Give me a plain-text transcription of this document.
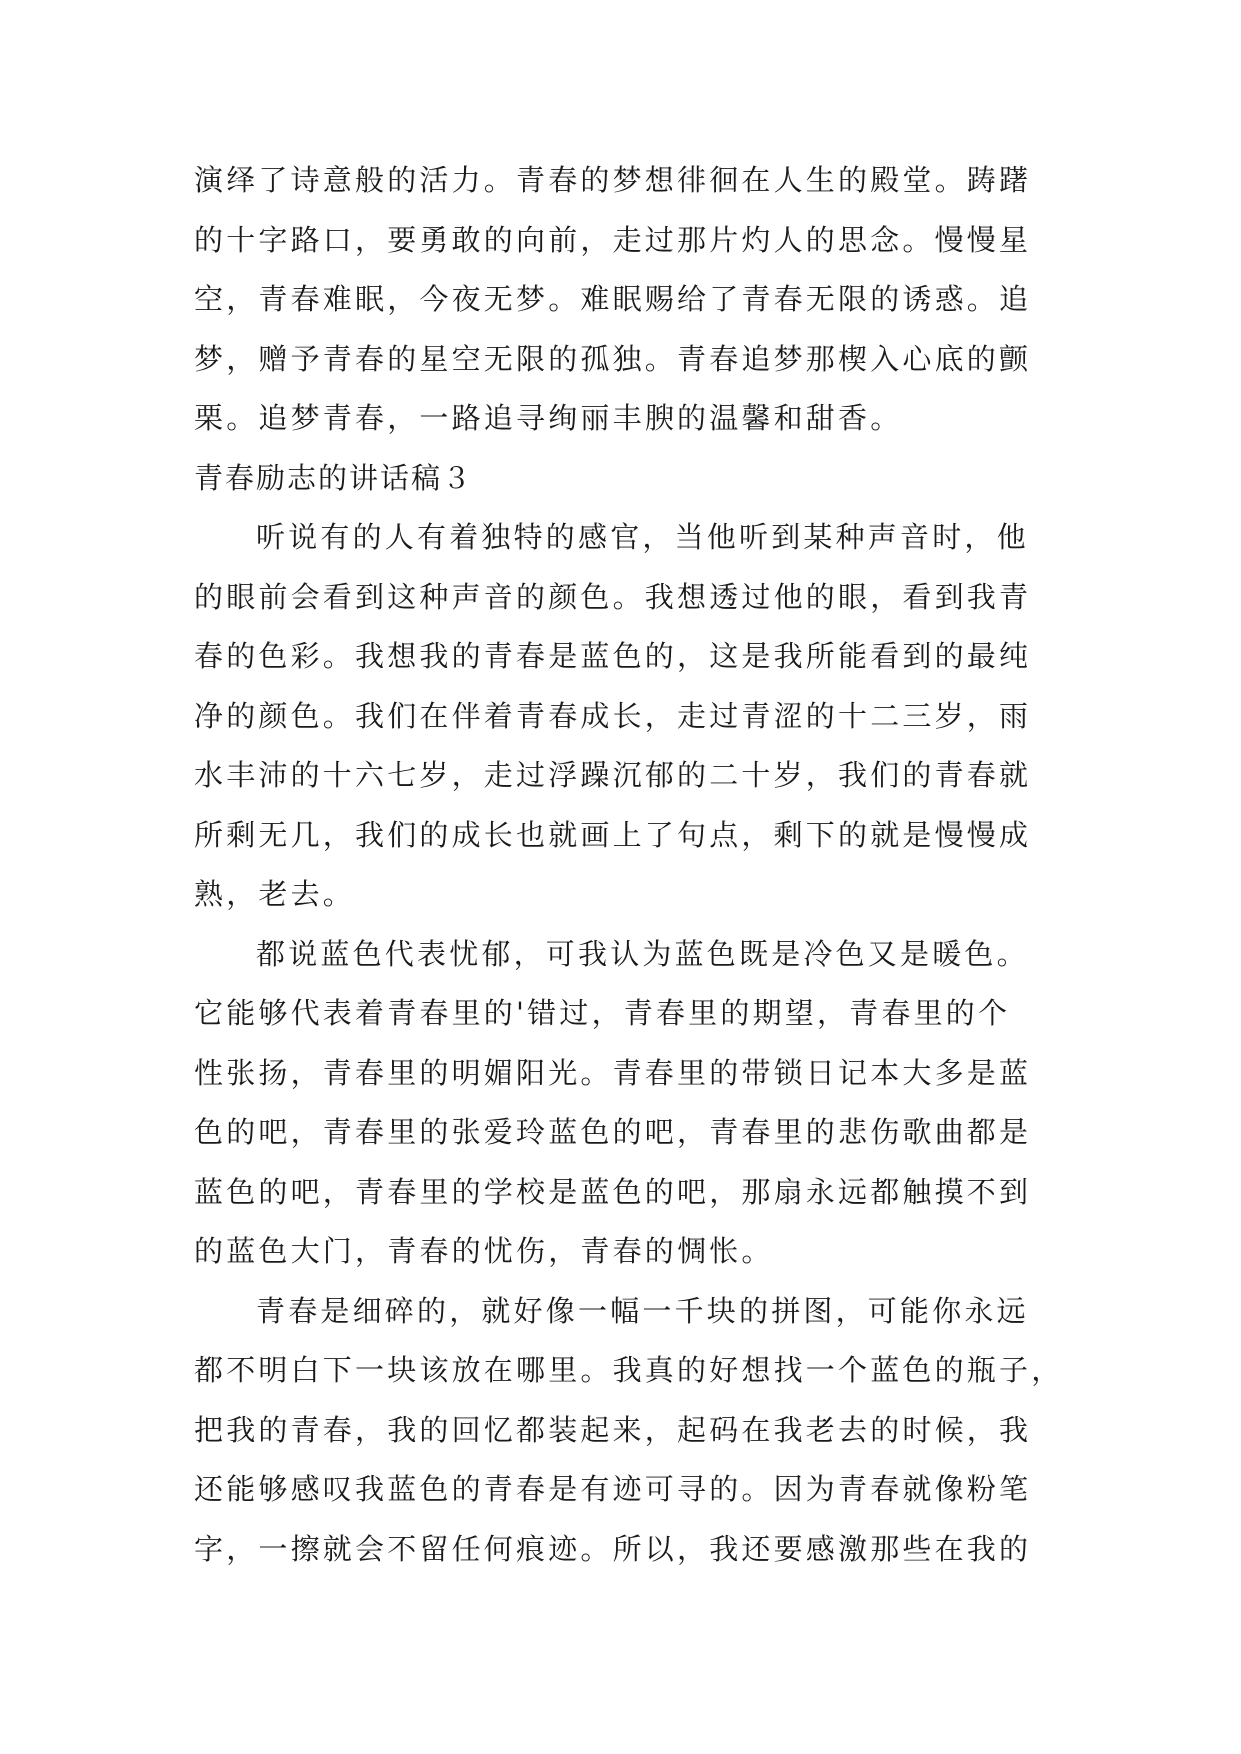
演绎了诗意般的活力。青春的梦想徘徊在人生的殿堂。踌躇
的十字路口，要勇敢的向前，走过那片灼人的思念。慢慢星
空，青春难眠，今夜无梦。难眠赐给了青春无限的诱惑。追
梦，赠予青春的星空无限的孤独。青春追梦那楔入心底的颤
栗。追梦青春，一路追寻绚丽丰腴的温馨和甜香。
青春励志的讲话稿３
听说有的人有着独特的感官，当他听到某种声音时，他
的眼前会看到这种声音的颜色。我想透过他的眼，看到我青
春的色彩。我想我的青春是蓝色的，这是我所能看到的最纯
净的颜色。我们在伴着青春成长，走过青涩的十二三岁，雨
水丰沛的十六七岁，走过浮躁沉郁的二十岁，我们的青春就
所剩无几，我们的成长也就画上了句点，剩下的就是慢慢成
熟，老去。
都说蓝色代表忧郁，可我认为蓝色既是冷色又是暖色。
它能够代表着青春里的'错过，青春里的期望，青春里的个
性张扬，青春里的明媚阳光。青春里的带锁日记本大多是蓝
色的吧，青春里的张爱玲蓝色的吧，青春里的悲伤歌曲都是
蓝色的吧，青春里的学校是蓝色的吧，那扇永远都触摸不到
的蓝色大门，青春的忧伤，青春的惆怅。
青春是细碎的，就好像一幅一千块的拼图，可能你永远
都不明白下一块该放在哪里。我真的好想找一个蓝色的瓶子，
把我的青春，我的回忆都装起来，起码在我老去的时候，我
还能够感叹我蓝色的青春是有迹可寻的。因为青春就像粉笔
字，一擦就会不留任何痕迹。所以，我还要感激那些在我的
